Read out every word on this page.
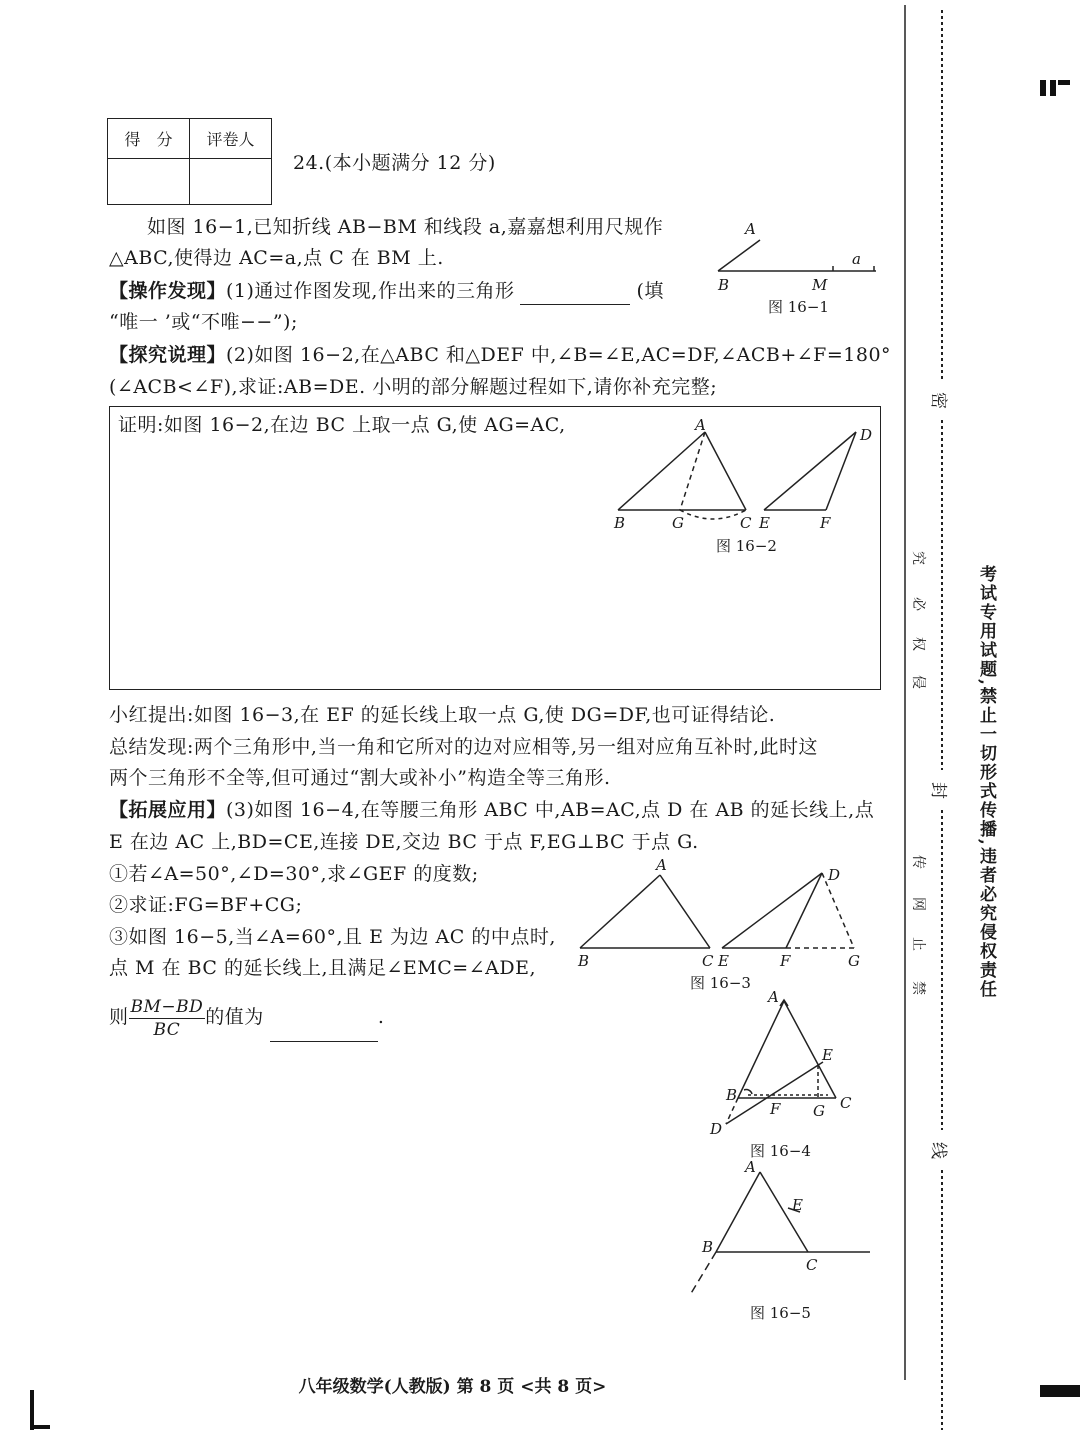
得　分	评卷人

24.(本小题满分 12 分)
如图 16−1,已知折线 AB−BM 和线段 a,嘉嘉想利用尺规作
△ABC,使得边 AC=a,点 C 在 BM 上.
【操作发现】(1)通过作图发现,作出来的三角形	(填
“唯一 ’或“不唯−−”);
【探究说理】(2)如图 16−2,在△ABC 和△DEF 中,∠B=∠E,AC=DF,∠ACB+∠F=180°
(∠ACB<∠F),求证:AB=DE. 小明的部分解题过程如下,请你补充完整;
证明:如图 16−2,在边 BC 上取一点 G,使 AG=AC,
小红提出:如图 16−3,在 EF 的延长线上取一点 G,使 DG=DF,也可证得结论.
总结发现:两个三角形中,当一角和它所对的边对应相等,另一组对应角互补时,此时这
两个三角形不全等,但可通过“割大或补小”构造全等三角形.
【拓展应用】(3)如图 16−4,在等腰三角形 ABC 中,AB=AC,点 D 在 AB 的延长线上,点
E 在边 AC 上,BD=CE,连接 DE,交边 BC 于点 F,EG⊥BC 于点 G.
①若∠A=50°,∠D=30°,求∠GEF 的度数;
②求证:FG=BF+CG;
③如图 16−5,当∠A=60°,且 E 为边 AC 的中点时,
点 M 在 BC 的延长线上,且满足∠EMC=∠ADE,
则 $\frac{BM-BD}{BC}$ 的值为	.
A
B	M
a
图 16−1
A
B	G	C
D
E	F
图 16−2
A
B	C
D
E	F	G
图 16−3
A
B	C
D
E
F G
图 16−4
A
B
C
E
图 16−5
密
封
线
究
必
权
侵
传
网
止
禁	考试专用试题,禁止一切形式传播,违者必究侵权责任
八年级数学(人教版) 第 8 页 <共 8 页>
